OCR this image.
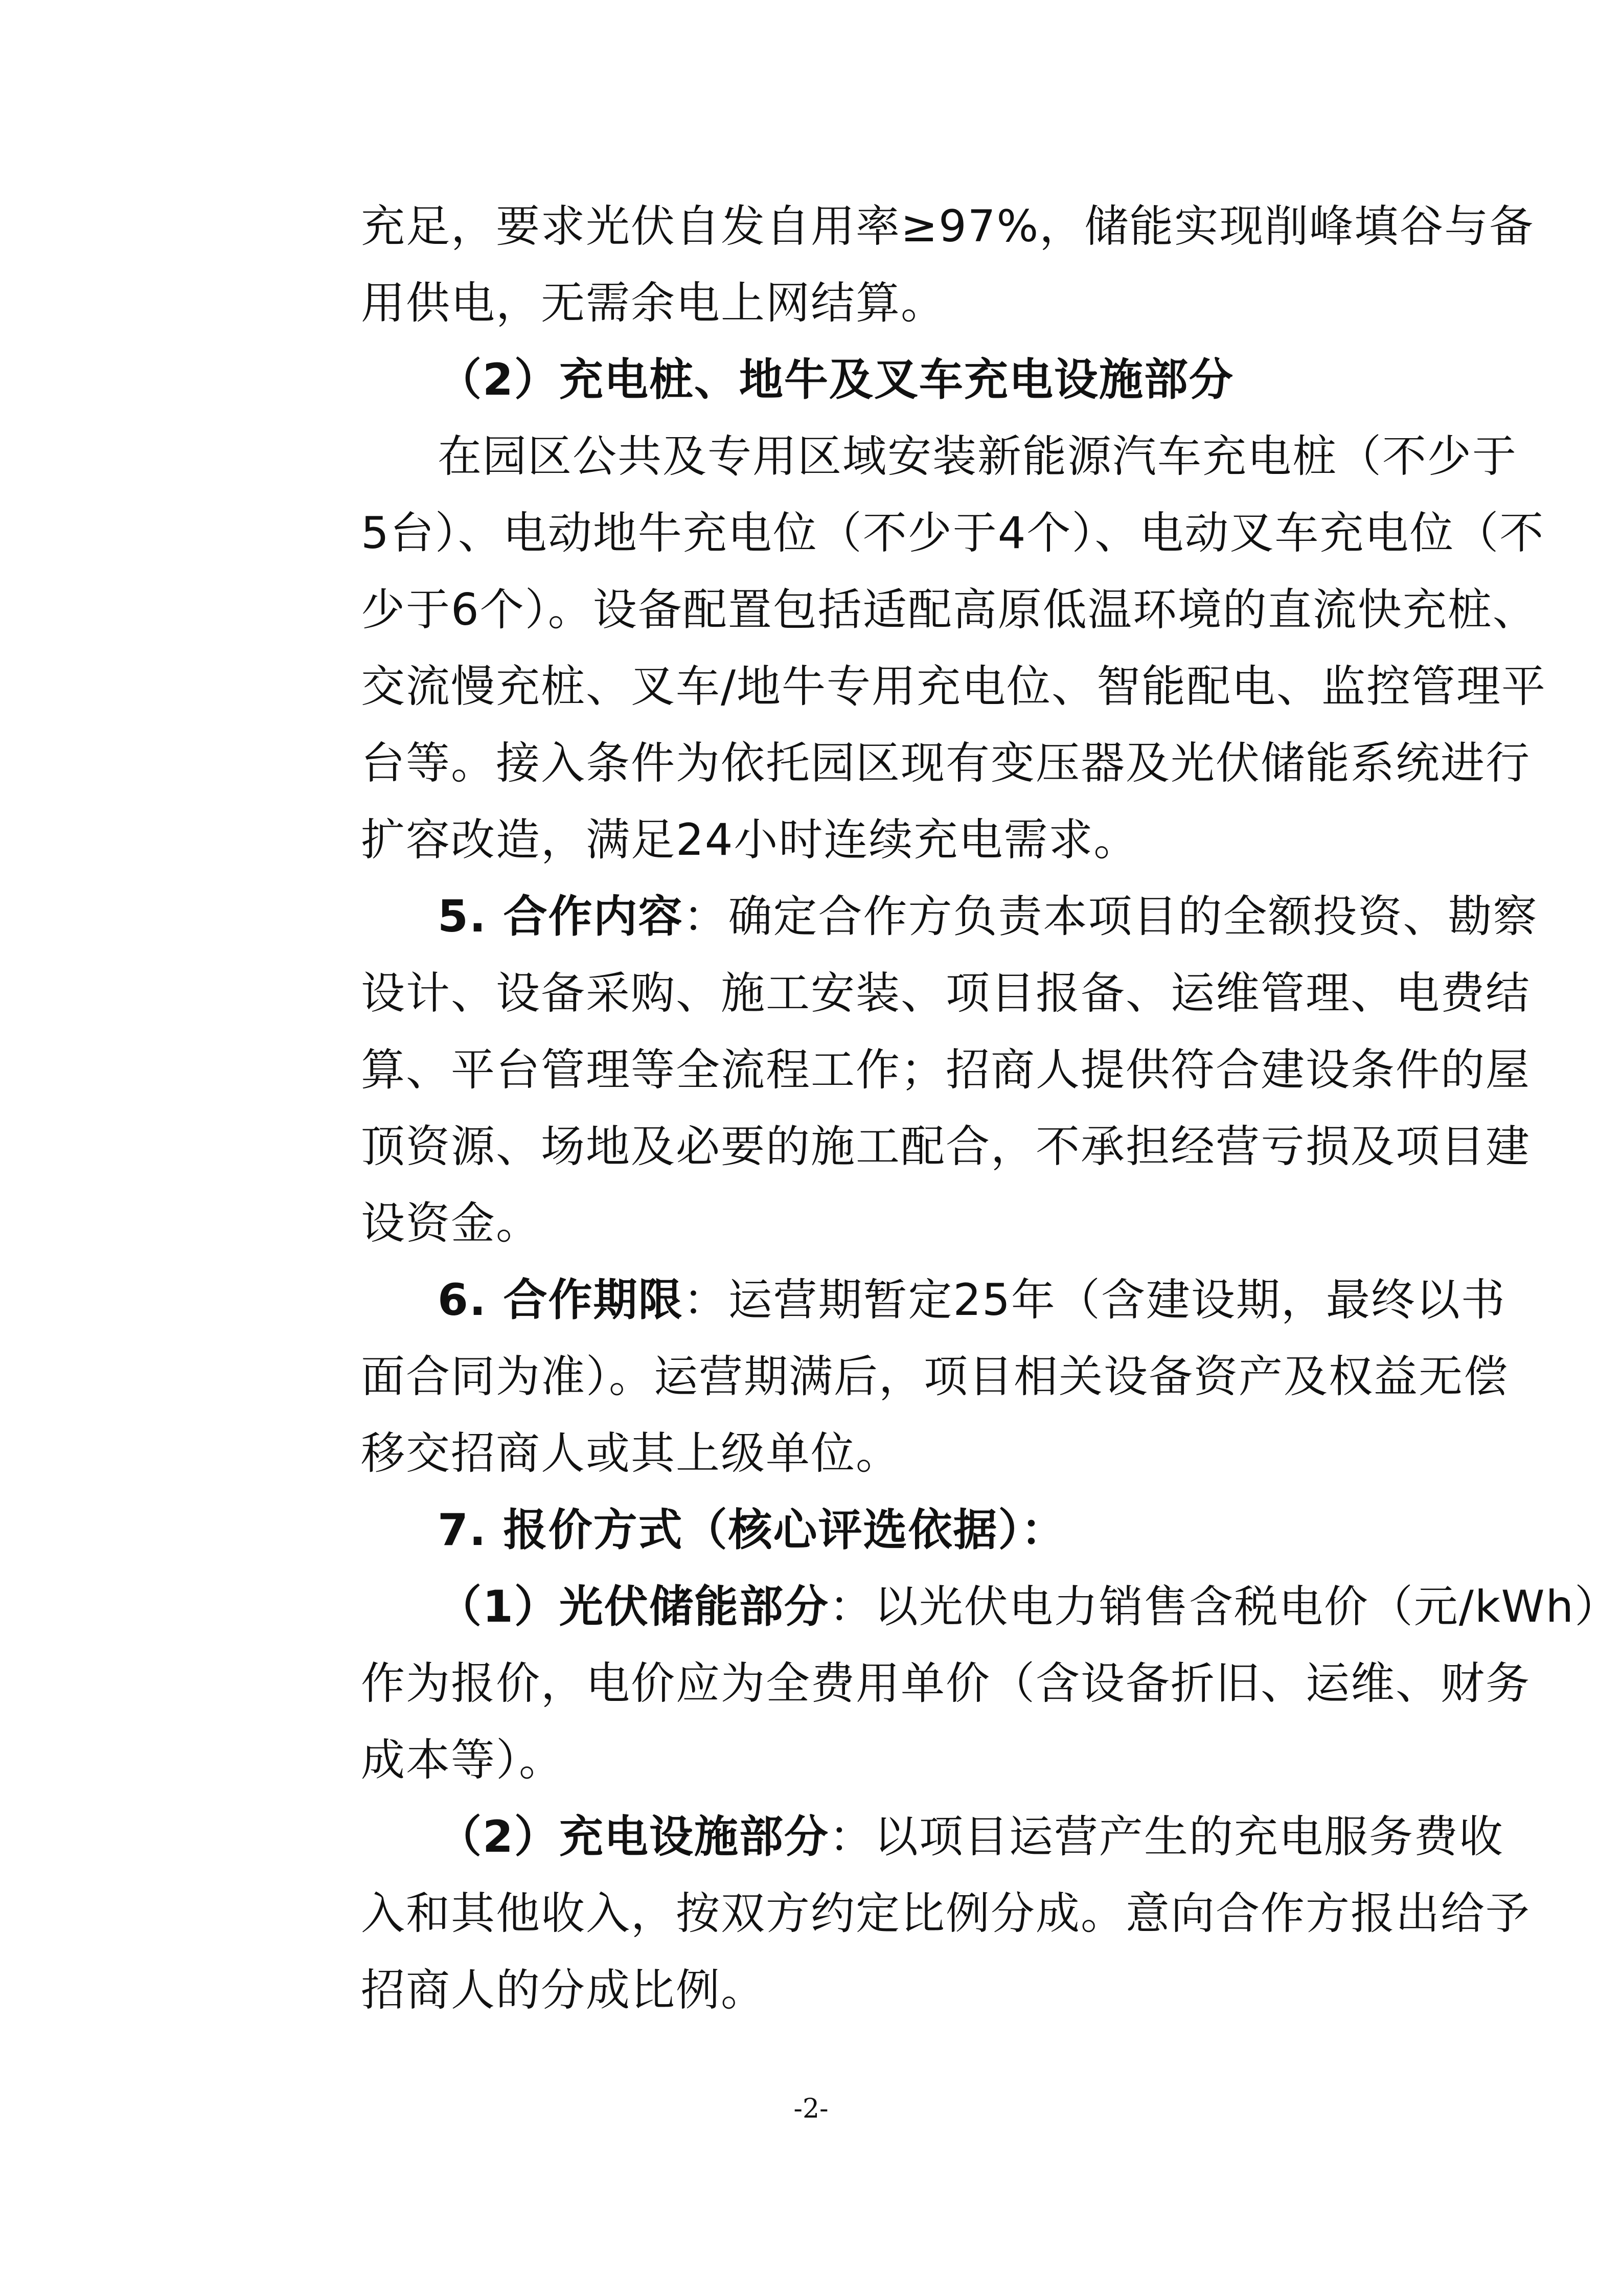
充足，要求光伏自发自用率≥97%，储能实现削峰填谷与备
用供电，无需余电上网结算。
（2）充电桩、地牛及叉车充电设施部分
在园区公共及专用区域安装新能源汽车充电桩（不少于
5台）、电动地牛充电位（不少于4个）、电动叉车充电位（不
少于6个）。设备配置包括适配高原低温环境的直流快充桩、
交流慢充桩、叉车/地牛专用充电位、智能配电、监控管理平
台等。接入条件为依托园区现有变压器及光伏储能系统进行
扩容改造，满足24小时连续充电需求。
5. 合作内容：确定合作方负责本项目的全额投资、勘察
设计、设备采购、施工安装、项目报备、运维管理、电费结
算、平台管理等全流程工作；招商人提供符合建设条件的屋
顶资源、场地及必要的施工配合，不承担经营亏损及项目建
设资金。
6. 合作期限：运营期暂定25年（含建设期，最终以书
面合同为准）。运营期满后，项目相关设备资产及权益无偿
移交招商人或其上级单位。
7. 报价方式（核心评选依据）：
（1）光伏储能部分：以光伏电力销售含税电价（元/kWh）
作为报价，电价应为全费用单价（含设备折旧、运维、财务
成本等）。
（2）充电设施部分：以项目运营产生的充电服务费收
入和其他收入，按双方约定比例分成。意向合作方报出给予
招商人的分成比例。
-2-
